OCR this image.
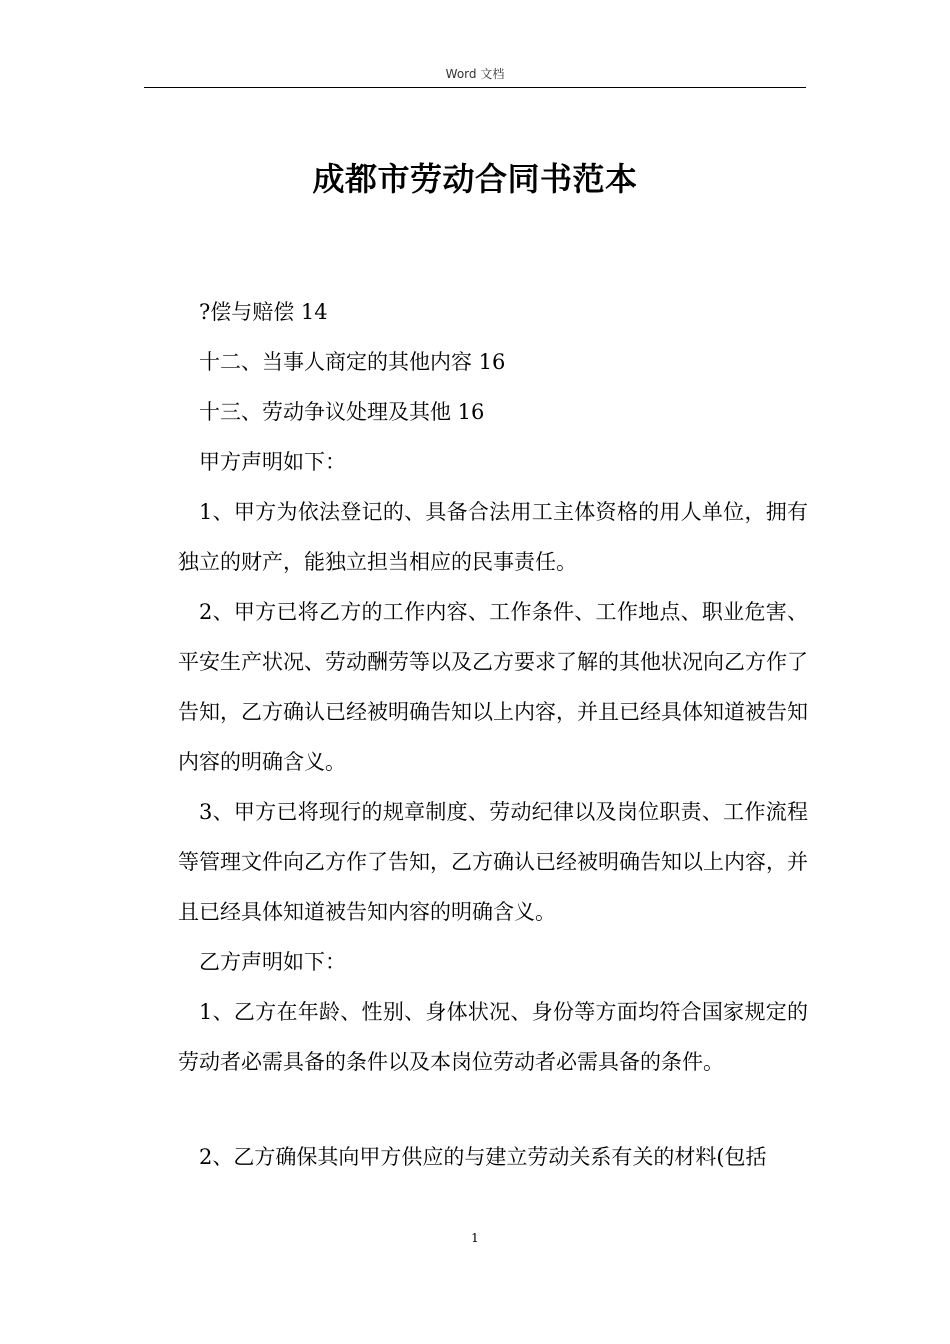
Word 文档
成都市劳动合同书范本

?偿与赔偿 14

十二、当事人商定的其他内容 16

十三、劳动争议处理及其他 16

甲方声明如下：

1、甲方为依法登记的、具备合法用工主体资格的用人单位，拥有独立的财产，能独立担当相应的民事责任。

2、甲方已将乙方的工作内容、工作条件、工作地点、职业危害、平安生产状况、劳动酬劳等以及乙方要求了解的其他状况向乙方作了告知，乙方确认已经被明确告知以上内容，并且已经具体知道被告知内容的明确含义。

3、甲方已将现行的规章制度、劳动纪律以及岗位职责、工作流程等管理文件向乙方作了告知，乙方确认已经被明确告知以上内容，并且已经具体知道被告知内容的明确含义。

乙方声明如下：

1、乙方在年龄、性别、身体状况、身份等方面均符合国家规定的劳动者必需具备的条件以及本岗位劳动者必需具备的条件。

2、乙方确保其向甲方供应的与建立劳动关系有关的材料(包括

1
